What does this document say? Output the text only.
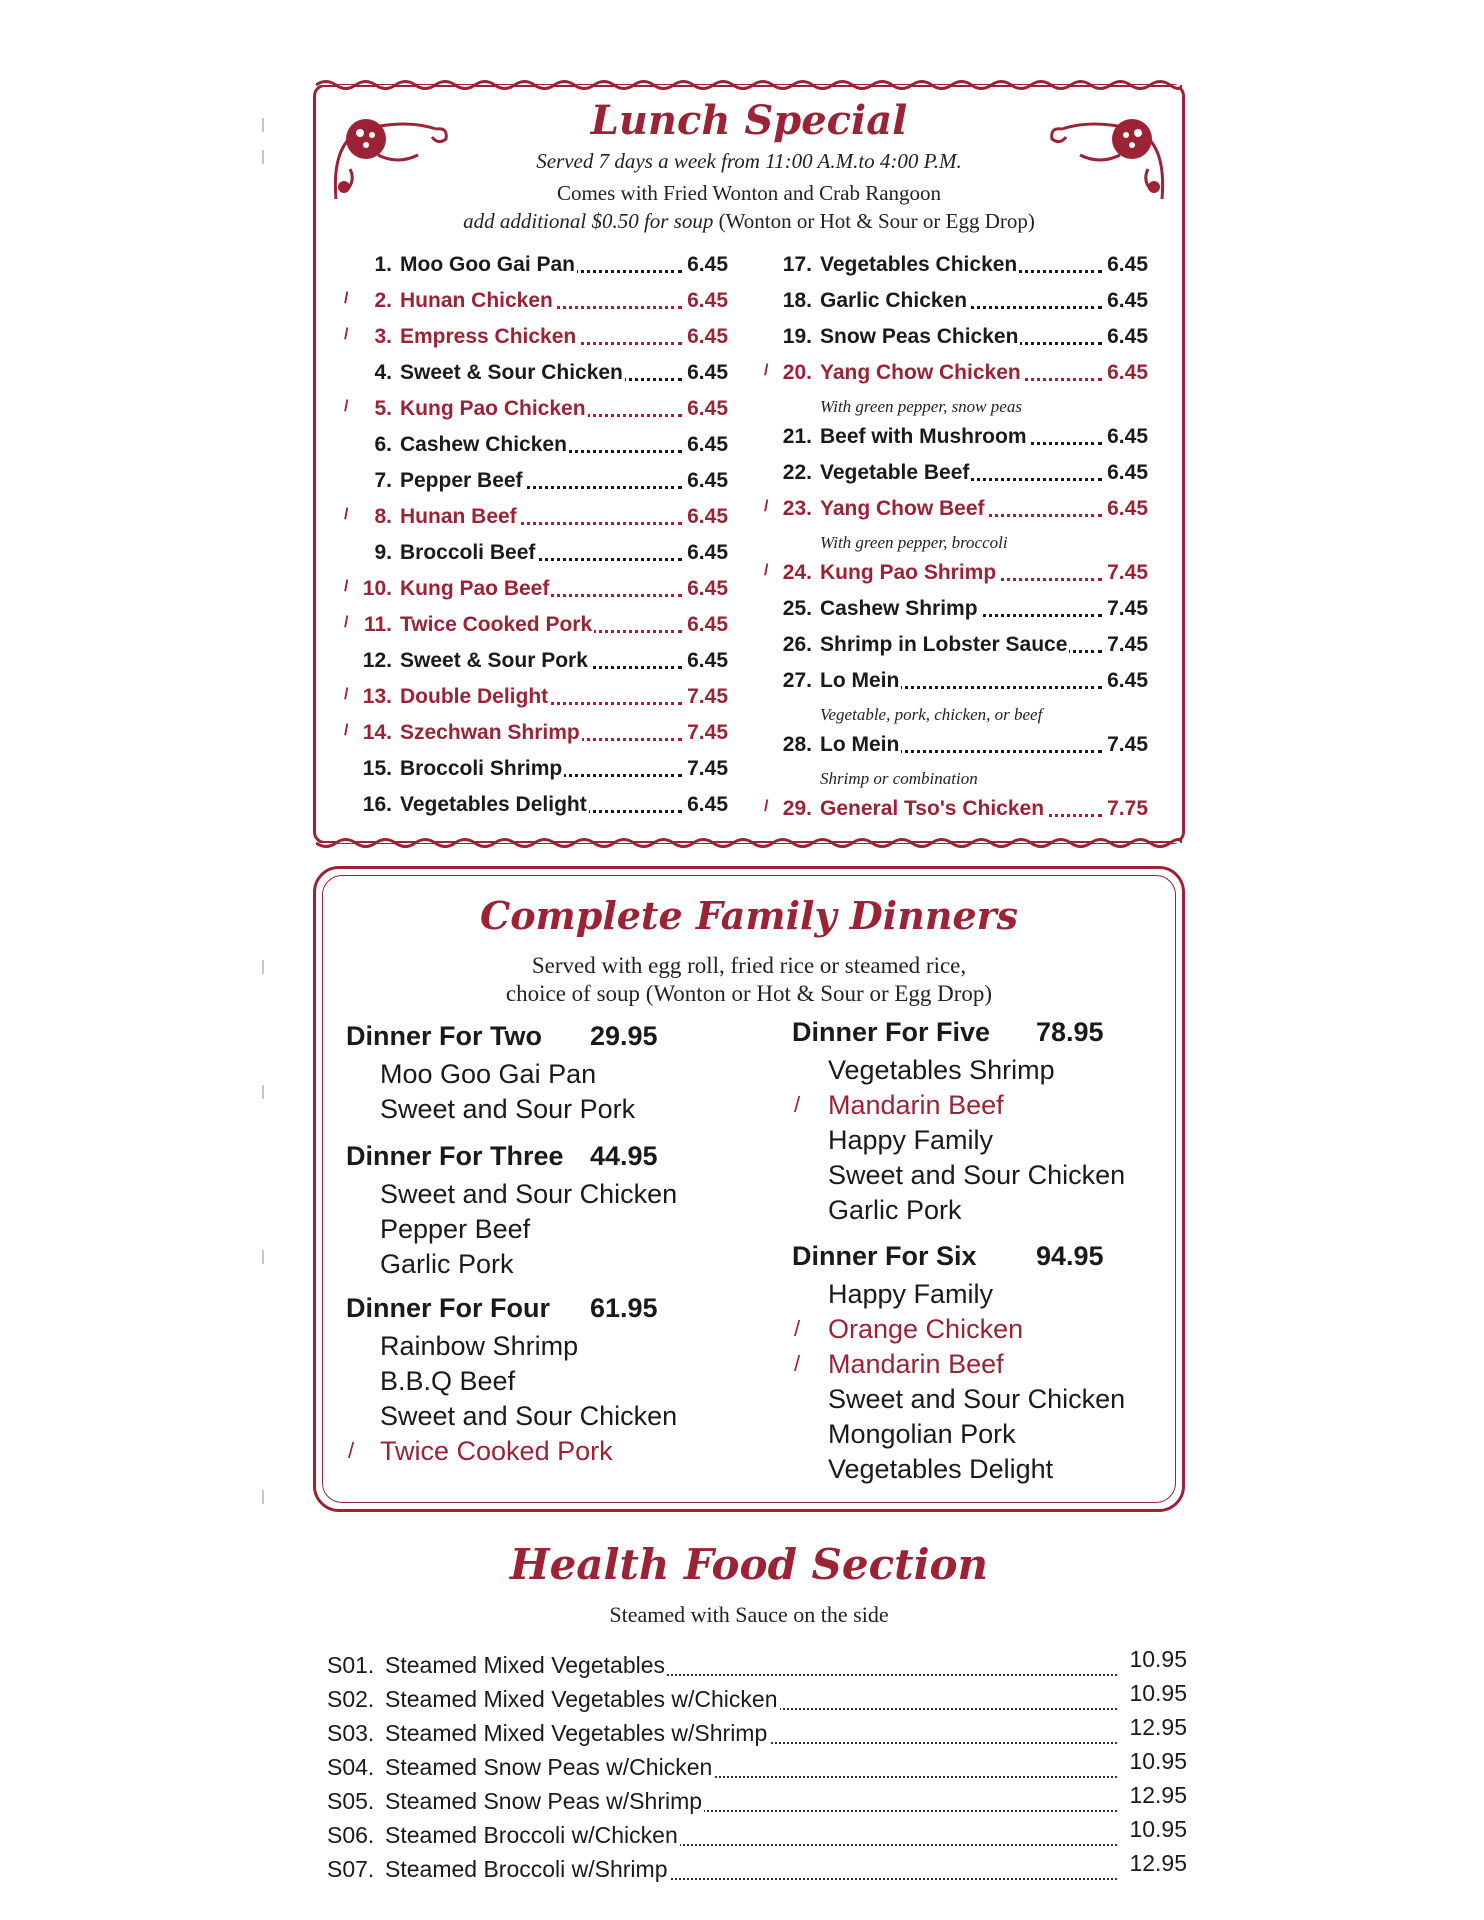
Lunch Special
Served 7 days a week from 11:00 A.M.to 4:00 P.M.
Comes with Fried Wonton and Crab Rangoon
add additional $0.50 for soup (Wonton or Hot & Sour or Egg Drop)
1. Moo Goo Gai Pan	6.45
/ 2. Hunan Chicken	6.45
/ 3. Empress Chicken	6.45
4. Sweet & Sour Chicken	6.45
/ 5. Kung Pao Chicken	6.45
6. Cashew Chicken	6.45
7. Pepper Beef	6.45
/ 8. Hunan Beef	6.45
9. Broccoli Beef	6.45
/ 10. Kung Pao Beef	6.45
/ 11. Twice Cooked Pork	6.45
12. Sweet & Sour Pork	6.45
/ 13. Double Delight	7.45
/ 14. Szechwan Shrimp	7.45
15. Broccoli Shrimp	7.45
16. Vegetables Delight	6.45
17. Vegetables Chicken	6.45
18. Garlic Chicken	6.45
19. Snow Peas Chicken	6.45
/ 20. Yang Chow Chicken	6.45
With green pepper, snow peas
21. Beef with Mushroom	6.45
22. Vegetable Beef	6.45
/ 23. Yang Chow Beef	6.45
With green pepper, broccoli
/ 24. Kung Pao Shrimp	7.45
25. Cashew Shrimp	7.45
26. Shrimp in Lobster Sauce 7.45
27. Lo Mein	6.45
Vegetable, pork, chicken, or beef
28. Lo Mein	7.45
Shrimp or combination
/ 29. General Tso's Chicken	7.75
Complete Family Dinners
Served with egg roll, fried rice or steamed rice,
choice of soup (Wonton or Hot & Sour or Egg Drop)
Dinner For Two 29.95
Moo Goo Gai Pan
Sweet and Sour Pork
Dinner For Three 44.95
Sweet and Sour Chicken
Pepper Beef
Garlic Pork
Dinner For Four 61.95
Rainbow Shrimp
B.B.Q Beef
Sweet and Sour Chicken
/ Twice Cooked Pork
Dinner For Five 78.95
Vegetables Shrimp
/ Mandarin Beef
Happy Family
Sweet and Sour Chicken
Garlic Pork
Dinner For Six 94.95
Happy Family
/ Orange Chicken
/ Mandarin Beef
Sweet and Sour Chicken
Mongolian Pork
Vegetables Delight
Health Food Section
Steamed with Sauce on the side
S01. Steamed Mixed Vegetables	10.95
S02. Steamed Mixed Vegetables w/Chicken	10.95
S03. Steamed Mixed Vegetables w/Shrimp	12.95
S04. Steamed Snow Peas w/Chicken	10.95
S05. Steamed Snow Peas w/Shrimp	12.95
S06. Steamed Broccoli w/Chicken	10.95
S07. Steamed Broccoli w/Shrimp	12.95
